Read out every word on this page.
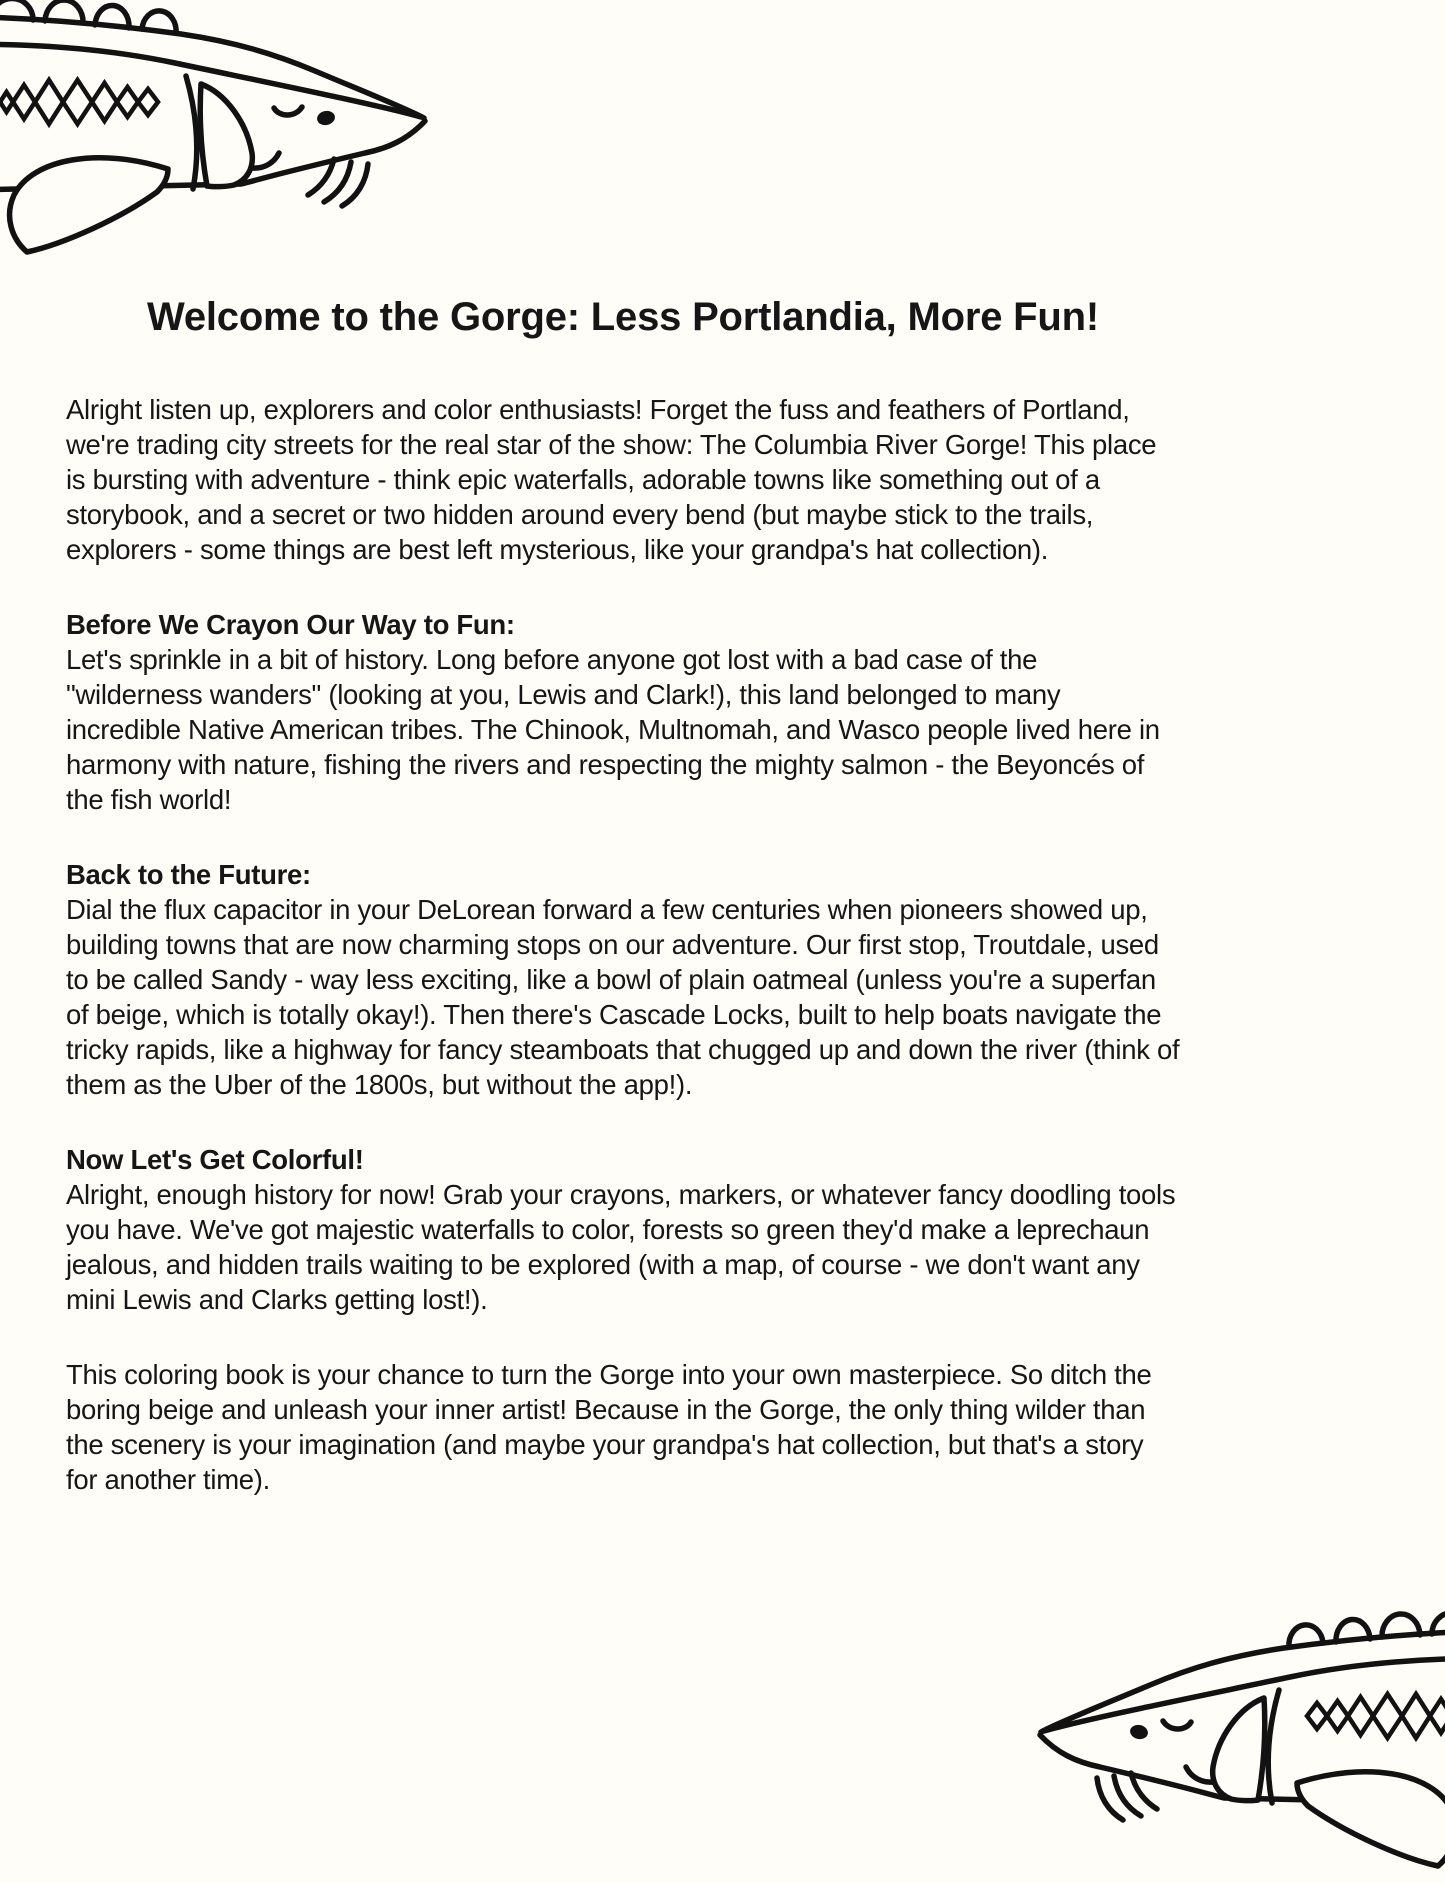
Welcome to the Gorge: Less Portlandia, More Fun!

Alright listen up, explorers and color enthusiasts! Forget the fuss and feathers of Portland, we're trading city streets for the real star of the show: The Columbia River Gorge! This place is bursting with adventure - think epic waterfalls, adorable towns like something out of a storybook, and a secret or two hidden around every bend (but maybe stick to the trails, explorers - some things are best left mysterious, like your grandpa's hat collection).

Before We Crayon Our Way to Fun:

Let's sprinkle in a bit of history. Long before anyone got lost with a bad case of the "wilderness wanders" (looking at you, Lewis and Clark!), this land belonged to many incredible Native American tribes. The Chinook, Multnomah, and Wasco people lived here in harmony with nature, fishing the rivers and respecting the mighty salmon - the Beyoncés of the fish world!

Back to the Future:

Dial the flux capacitor in your DeLorean forward a few centuries when pioneers showed up, building towns that are now charming stops on our adventure. Our first stop, Troutdale, used to be called Sandy - way less exciting, like a bowl of plain oatmeal (unless you're a superfan of beige, which is totally okay!). Then there's Cascade Locks, built to help boats navigate the tricky rapids, like a highway for fancy steamboats that chugged up and down the river (think of them as the Uber of the 1800s, but without the app!).

Now Let's Get Colorful!

Alright, enough history for now! Grab your crayons, markers, or whatever fancy doodling tools you have. We've got majestic waterfalls to color, forests so green they'd make a leprechaun jealous, and hidden trails waiting to be explored (with a map, of course - we don't want any mini Lewis and Clarks getting lost!).

This coloring book is your chance to turn the Gorge into your own masterpiece. So ditch the boring beige and unleash your inner artist! Because in the Gorge, the only thing wilder than the scenery is your imagination (and maybe your grandpa's hat collection, but that's a story for another time).
